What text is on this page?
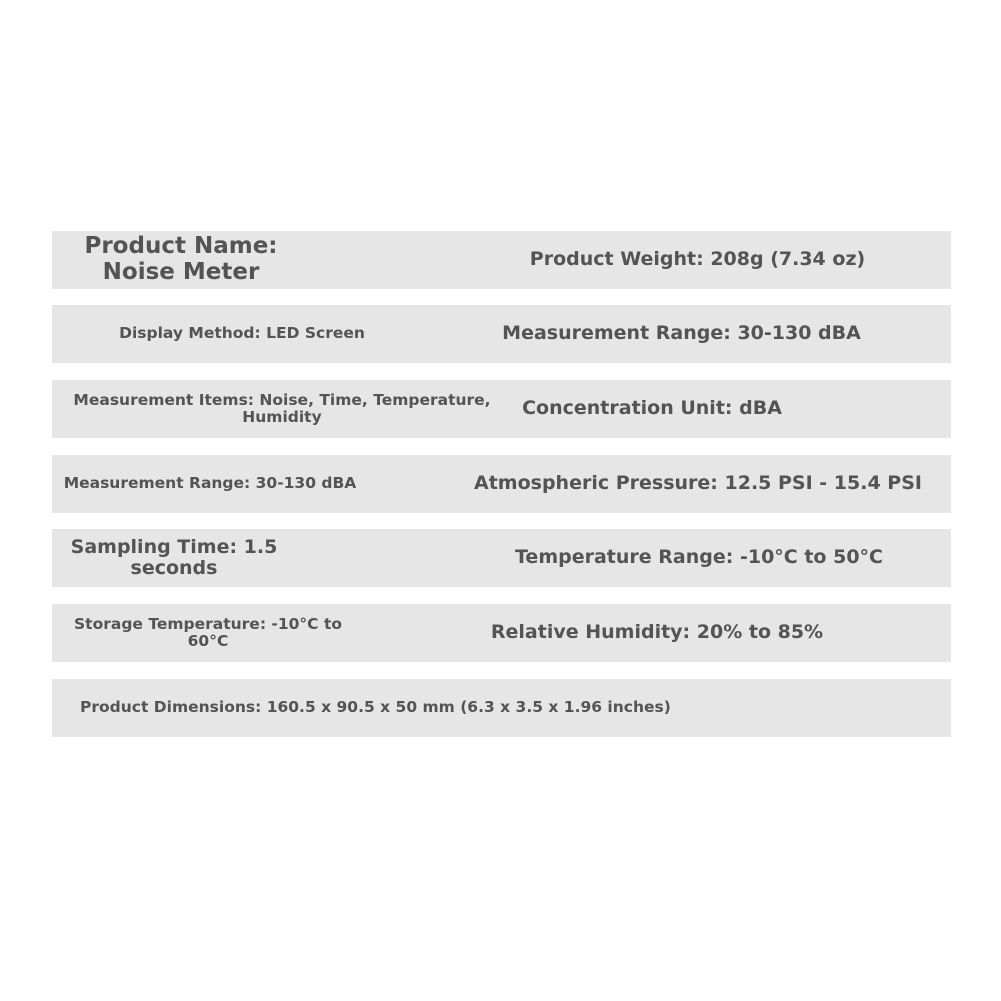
Product Name: Noise Meter	Product Weight: 208g (7.34 oz)
Display Method: LED Screen	Measurement Range: 30-130 dBA
Measurement Items: Noise, Time, Temperature, Humidity	Concentration Unit: dBA
Measurement Range: 30-130 dBA	Atmospheric Pressure: 12.5 PSI - 15.4 PSI
Sampling Time: 1.5 seconds	Temperature Range: -10°C to 50°C
Storage Temperature: -10°C to 60°C	Relative Humidity: 20% to 85%
Product Dimensions: 160.5 x 90.5 x 50 mm (6.3 x 3.5 x 1.96 inches)
